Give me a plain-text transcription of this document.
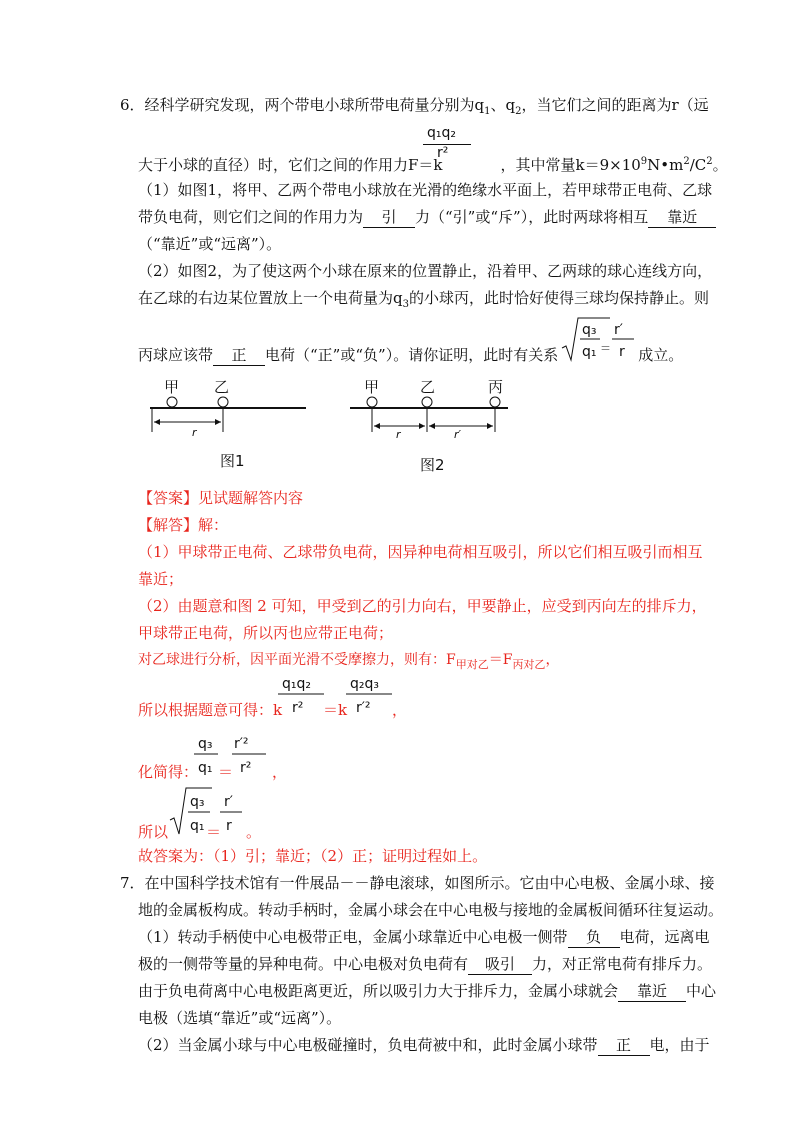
6．经科学研究发现，两个带电小球所带电荷量分别为$q_1$、$q_2$，当它们之间的距离为r（远
q₁q₂
r²
大于小球的直径）时，它们之间的作用力F＝k	，其中常量$k=9\times 10^9N•m^2/C^2$。
（1）如图1，将甲、乙两个带电小球放在光滑的绝缘水平面上，若甲球带正电荷、乙球
带负电荷，则它们之间的作用力为 引 力（“引”或“斥”），此时两球将相互 靠近
（“靠近”或“远离”）。
（2）如图2，为了使这两个小球在原来的位置静止，沿着甲、乙两球的球心连线方向，
在乙球的右边某位置放上一个电荷量为$q_3$的小球丙，此时恰好使得三球均保持静止。则
q₃
q₁ ＝
r′
r
丙球应该带 正 电荷（“正”或“负”）。请你证明，此时有关系	成立。
甲 乙
r
图1
甲	乙	丙
r	r′
图2
【答案】见试题解答内容
【解答】解：
（1）甲球带正电荷、乙球带负电荷，因异种电荷相互吸引，所以它们相互吸引而相互
靠近；
（2）由题意和图 2 可知，甲受到乙的引力向右，甲要静止，应受到丙向左的排斥力，
甲球带正电荷，所以丙也应带正电荷；
对乙球进行分析，因平面光滑不受摩擦力，则有：$F_{甲对乙}=F_{丙对乙}$，
所以根据题意可得：k
q₁q₂
r²
q₂q₃
r′²
＝k	，
化简得：
q₃
q₁
r′²
r²
＝	，
所以
q₃
q₁
r′
r
＝ 。
故答案为：（1）引；靠近；（2）正；证明过程如上。
7．在中国科学技术馆有一件展品－－静电滚球，如图所示。它由中心电极、金属小球、接
地的金属板构成。转动手柄时，金属小球会在中心电极与接地的金属板间循环往复运动。
（1）转动手柄使中心电极带正电，金属小球靠近中心电极一侧带 负 电荷，远离电
极的一侧带等量的异种电荷。中心电极对负电荷有 吸引 力，对正常电荷有排斥力。
由于负电荷离中心电极距离更近，所以吸引力大于排斥力，金属小球就会 靠近 中心
电极（选填“靠近”或“远离”）。
（2）当金属小球与中心电极碰撞时，负电荷被中和，此时金属小球带 正 电，由于
